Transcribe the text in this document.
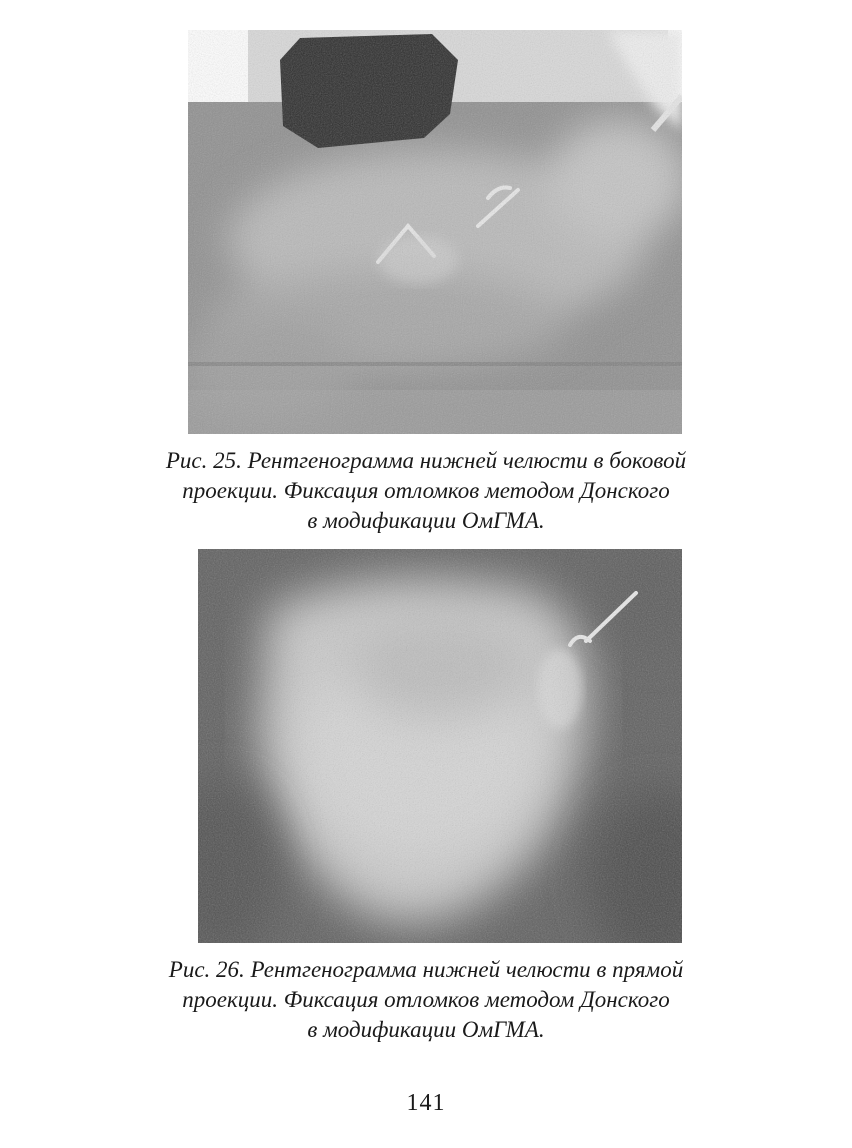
Рис. 25. Рентгенограмма нижней челюсти в боковой
проекции. Фиксация отломков методом Донского
в модификации ОмГМА.

Рис. 26. Рентгенограмма нижней челюсти в прямой
проекции. Фиксация отломков методом Донского
в модификации ОмГМА.

141
